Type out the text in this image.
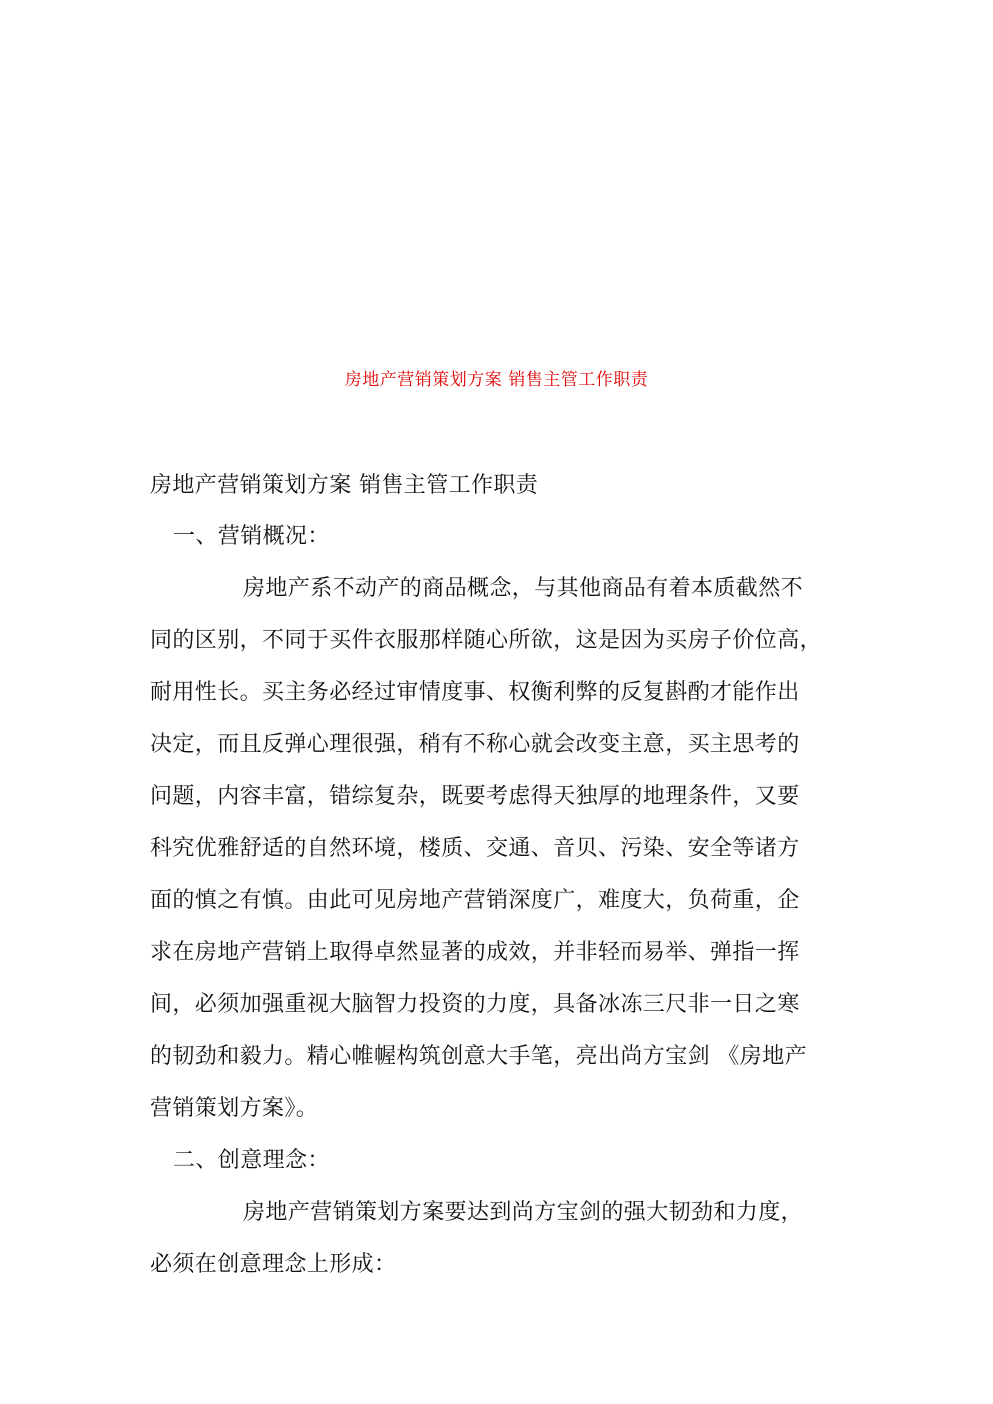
房地产营销策划方案 销售主管工作职责
房地产营销策划方案 销售主管工作职责
一、营销概况：
房地产系不动产的商品概念，与其他商品有着本质截然不
同的区别，不同于买件衣服那样随心所欲，这是因为买房子价位高，
耐用性长。买主务必经过审情度事、权衡利弊的反复斟酌才能作出
决定，而且反弹心理很强，稍有不称心就会改变主意，买主思考的
问题，内容丰富，错综复杂，既要考虑得天独厚的地理条件，又要
科究优雅舒适的自然环境，楼质、交通、音贝、污染、安全等诸方
面的慎之有慎。由此可见房地产营销深度广，难度大，负荷重，企
求在房地产营销上取得卓然显著的成效，并非轻而易举、弹指一挥
间，必须加强重视大脑智力投资的力度，具备冰冻三尺非一日之寒
的韧劲和毅力。精心帷幄构筑创意大手笔，亮出尚方宝剑 《房地产
营销策划方案》。
二、创意理念：
房地产营销策划方案要达到尚方宝剑的强大韧劲和力度，
必须在创意理念上形成：
